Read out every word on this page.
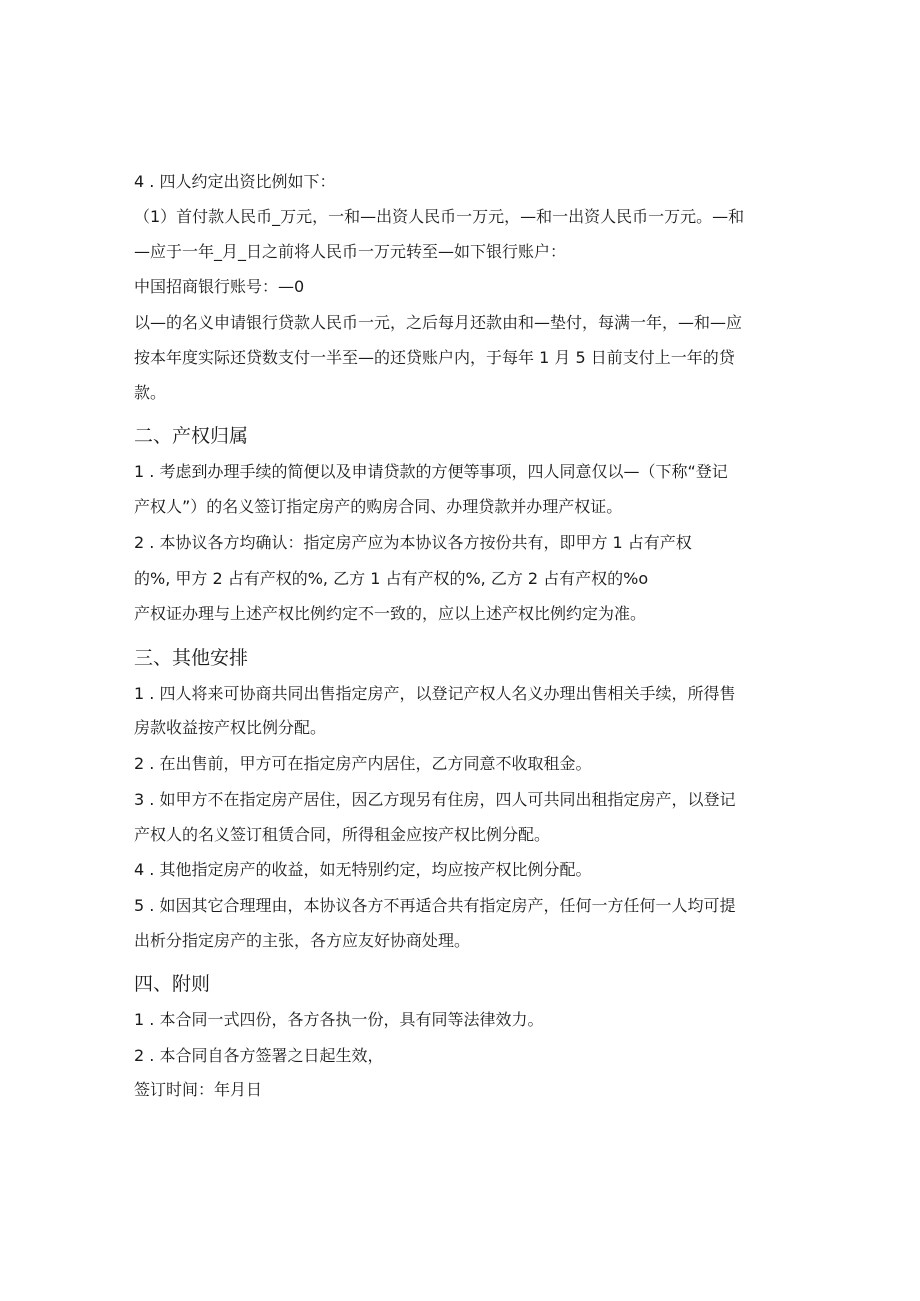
4 . 四人约定出资比例如下：
（1）首付款人民币_万元，一和—出资人民币一万元，—和一出资人民币一万元。—和
—应于一年_月_日之前将人民币一万元转至—如下银行账户：
中国招商银行账号：—0
以—的名义申请银行贷款人民币一元，之后每月还款由和—垫付，每满一年，—和—应
按本年度实际还贷数支付一半至—的还贷账户内，于每年 1 月 5 日前支付上一年的贷
款。
二、产权归属
1 . 考虑到办理手续的简便以及申请贷款的方便等事项，四人同意仅以—（下称“登记
产权人”）的名义签订指定房产的购房合同、办理贷款并办理产权证。
2 . 本协议各方均确认：指定房产应为本协议各方按份共有，即甲方 1 占有产权
的%, 甲方 2 占有产权的%, 乙方 1 占有产权的%, 乙方 2 占有产权的%o
产权证办理与上述产权比例约定不一致的，应以上述产权比例约定为准。
三、其他安排
1 . 四人将来可协商共同出售指定房产，以登记产权人名义办理出售相关手续，所得售
房款收益按产权比例分配。
2 . 在出售前，甲方可在指定房产内居住，乙方同意不收取租金。
3 . 如甲方不在指定房产居住，因乙方现另有住房，四人可共同出租指定房产，以登记
产权人的名义签订租赁合同，所得租金应按产权比例分配。
4 . 其他指定房产的收益，如无特别约定，均应按产权比例分配。
5 . 如因其它合理理由，本协议各方不再适合共有指定房产，任何一方任何一人均可提
出析分指定房产的主张，各方应友好协商处理。
四、附则
1 . 本合同一式四份，各方各执一份，具有同等法律效力。
2 . 本合同自各方签署之日起生效，
签订时间：年月日
